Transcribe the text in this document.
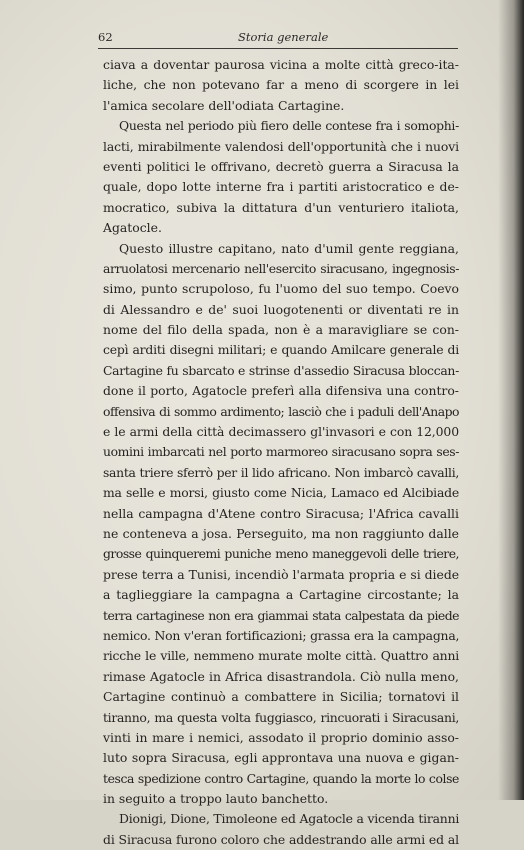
62	Storia generale
ciava a doventar paurosa vicina a molte città greco-ita-
liche, che non potevano far a meno di scorgere in lei
l'amica secolare dell'odiata Cartagine.
Questa nel periodo più fiero delle contese fra i somophi-
lacti, mirabilmente valendosi dell'opportunità che i nuovi
eventi politici le offrivano, decretò guerra a Siracusa la
quale, dopo lotte interne fra i partiti aristocratico e de-
mocratico, subiva la dittatura d'un venturiero italiota,
Agatocle.
Questo illustre capitano, nato d'umil gente reggiana,
arruolatosi mercenario nell'esercito siracusano, ingegnosis-
simo, punto scrupoloso, fu l'uomo del suo tempo. Coevo
di Alessandro e de' suoi luogotenenti or diventati re in
nome del filo della spada, non è a maravigliare se con-
cepì arditi disegni militari; e quando Amilcare generale di
Cartagine fu sbarcato e strinse d'assedio Siracusa bloccan-
done il porto, Agatocle preferì alla difensiva una contro-
offensiva di sommo ardimento; lasciò che i paduli dell'Anapo
e le armi della città decimassero gl'invasori e con 12,000
uomini imbarcati nel porto marmoreo siracusano sopra ses-
santa triere sferrò per il lido africano. Non imbarcò cavalli,
ma selle e morsi, giusto come Nicia, Lamaco ed Alcibiade
nella campagna d'Atene contro Siracusa; l'Africa cavalli
ne conteneva a josa. Perseguito, ma non raggiunto dalle
grosse quinqueremi puniche meno maneggevoli delle triere,
prese terra a Tunisi, incendiò l'armata propria e si diede
a taglieggiare la campagna a Cartagine circostante; la
terra cartaginese non era giammai stata calpestata da piede
nemico. Non v'eran fortificazioni; grassa era la campagna,
ricche le ville, nemmeno murate molte città. Quattro anni
rimase Agatocle in Africa disastrandola. Ciò nulla meno,
Cartagine continuò a combattere in Sicilia; tornatovi il
tiranno, ma questa volta fuggiasco, rincuorati i Siracusani,
vinti in mare i nemici, assodato il proprio dominio asso-
luto sopra Siracusa, egli approntava una nuova e gigan-
tesca spedizione contro Cartagine, quando la morte lo colse
in seguito a troppo lauto banchetto.
Dionigi, Dione, Timoleone ed Agatocle a vicenda tiranni
di Siracusa furono coloro che addestrando alle armi ed al
